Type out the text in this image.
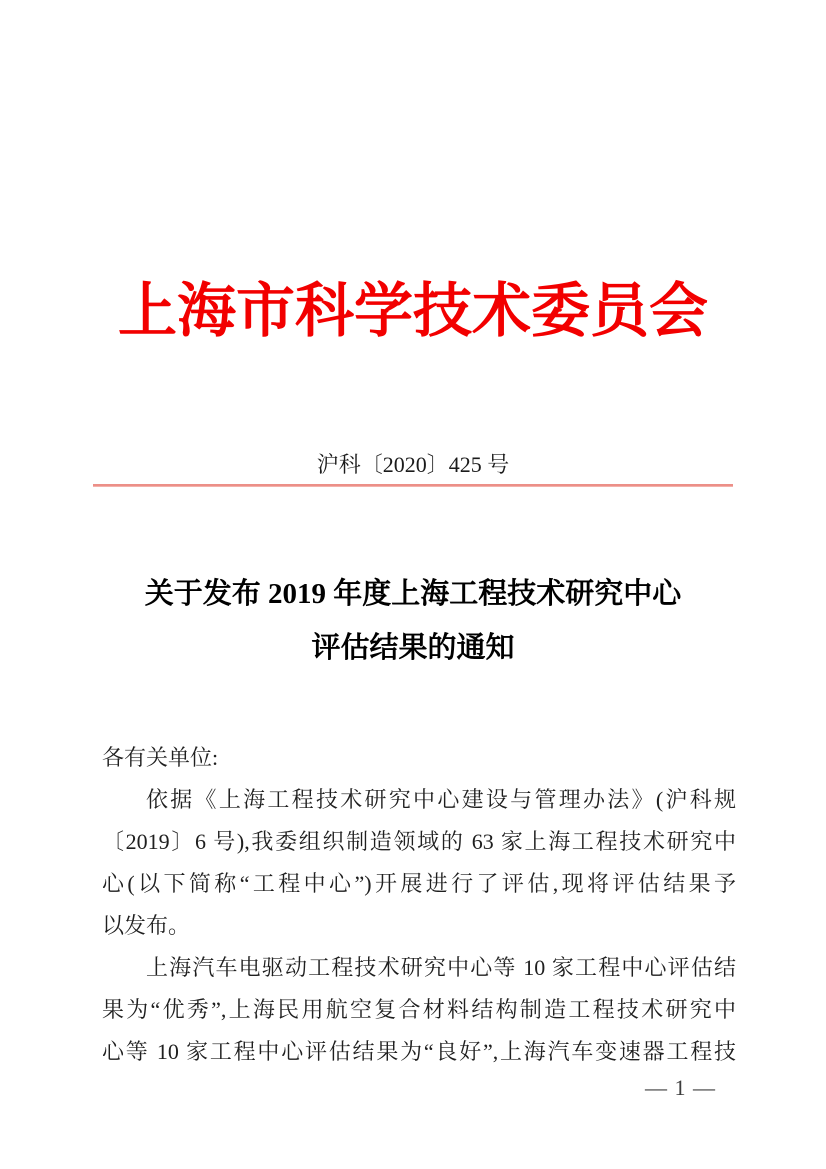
上海市科学技术委员会
沪科〔2020〕425 号
关于发布 2019 年度上海工程技术研究中心
评估结果的通知
各有关单位:
依据《上海工程技术研究中心建设与管理办法》(沪科规
〔2019〕6 号),我委组织制造领域的 63 家上海工程技术研究中
心(以下简称“工程中心”)开展进行了评估,现将评估结果予
以发布。
上海汽车电驱动工程技术研究中心等 10 家工程中心评估结
果为“优秀”,上海民用航空复合材料结构制造工程技术研究中
心等 10 家工程中心评估结果为“良好”,上海汽车变速器工程技
— 1 —
